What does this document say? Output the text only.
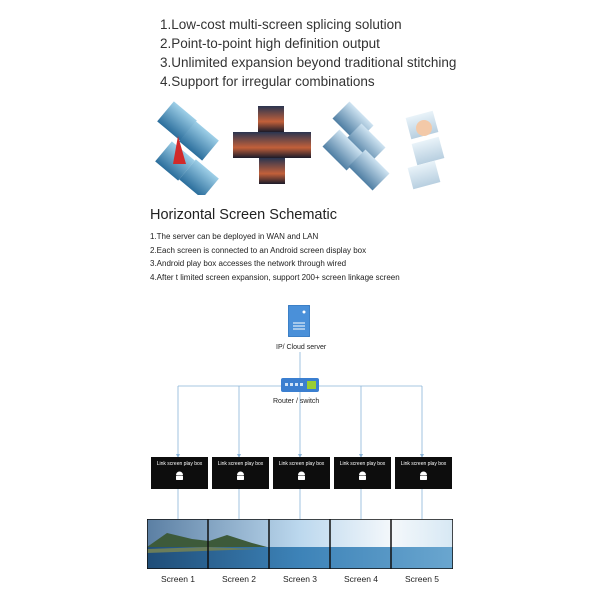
1.Low-cost multi-screen splicing solution
2.Point-to-point high definition output
3.Unlimited expansion beyond traditional stitching
4.Support for irregular combinations
Horizontal Screen Schematic
1.The server can be deployed in WAN and LAN
2.Each screen is connected to an Android screen display box
3.Android play box accesses the network through wired
4.After t limited screen expansion, support 200+ screen linkage screen
IP/ Cloud server
Router / switch
Link screen play box	Link screen play box	Link screen play box	Link screen play box	Link screen play box
Screen 1	Screen 2	Screen 3	Screen 4	Screen 5
